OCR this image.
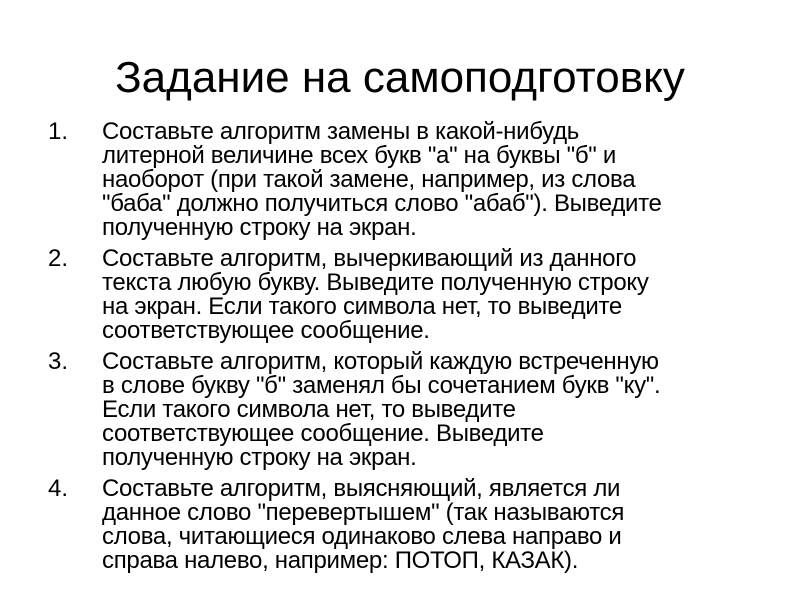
Задание на самоподготовку
1. Составьте алгоритм замены в какой-нибудь
литерной величине всех букв "а" на буквы "б" и
наоборот (при такой замене, например, из слова
"баба" должно получиться слово "абаб"). Выведите
полученную строку на экран.
2. Составьте алгоритм, вычеркивающий из данного
текста любую букву. Выведите полученную строку
на экран. Если такого символа нет, то выведите
соответствующее сообщение.
3. Составьте алгоритм, который каждую встреченную
в слове букву "б" заменял бы сочетанием букв "ку".
Если такого символа нет, то выведите
соответствующее сообщение. Выведите
полученную строку на экран.
4. Составьте алгоритм, выясняющий, является ли
данное слово "перевертышем" (так называются
слова, читающиеся одинаково слева направо и
справа налево, например: ПОТОП, КАЗАК).
